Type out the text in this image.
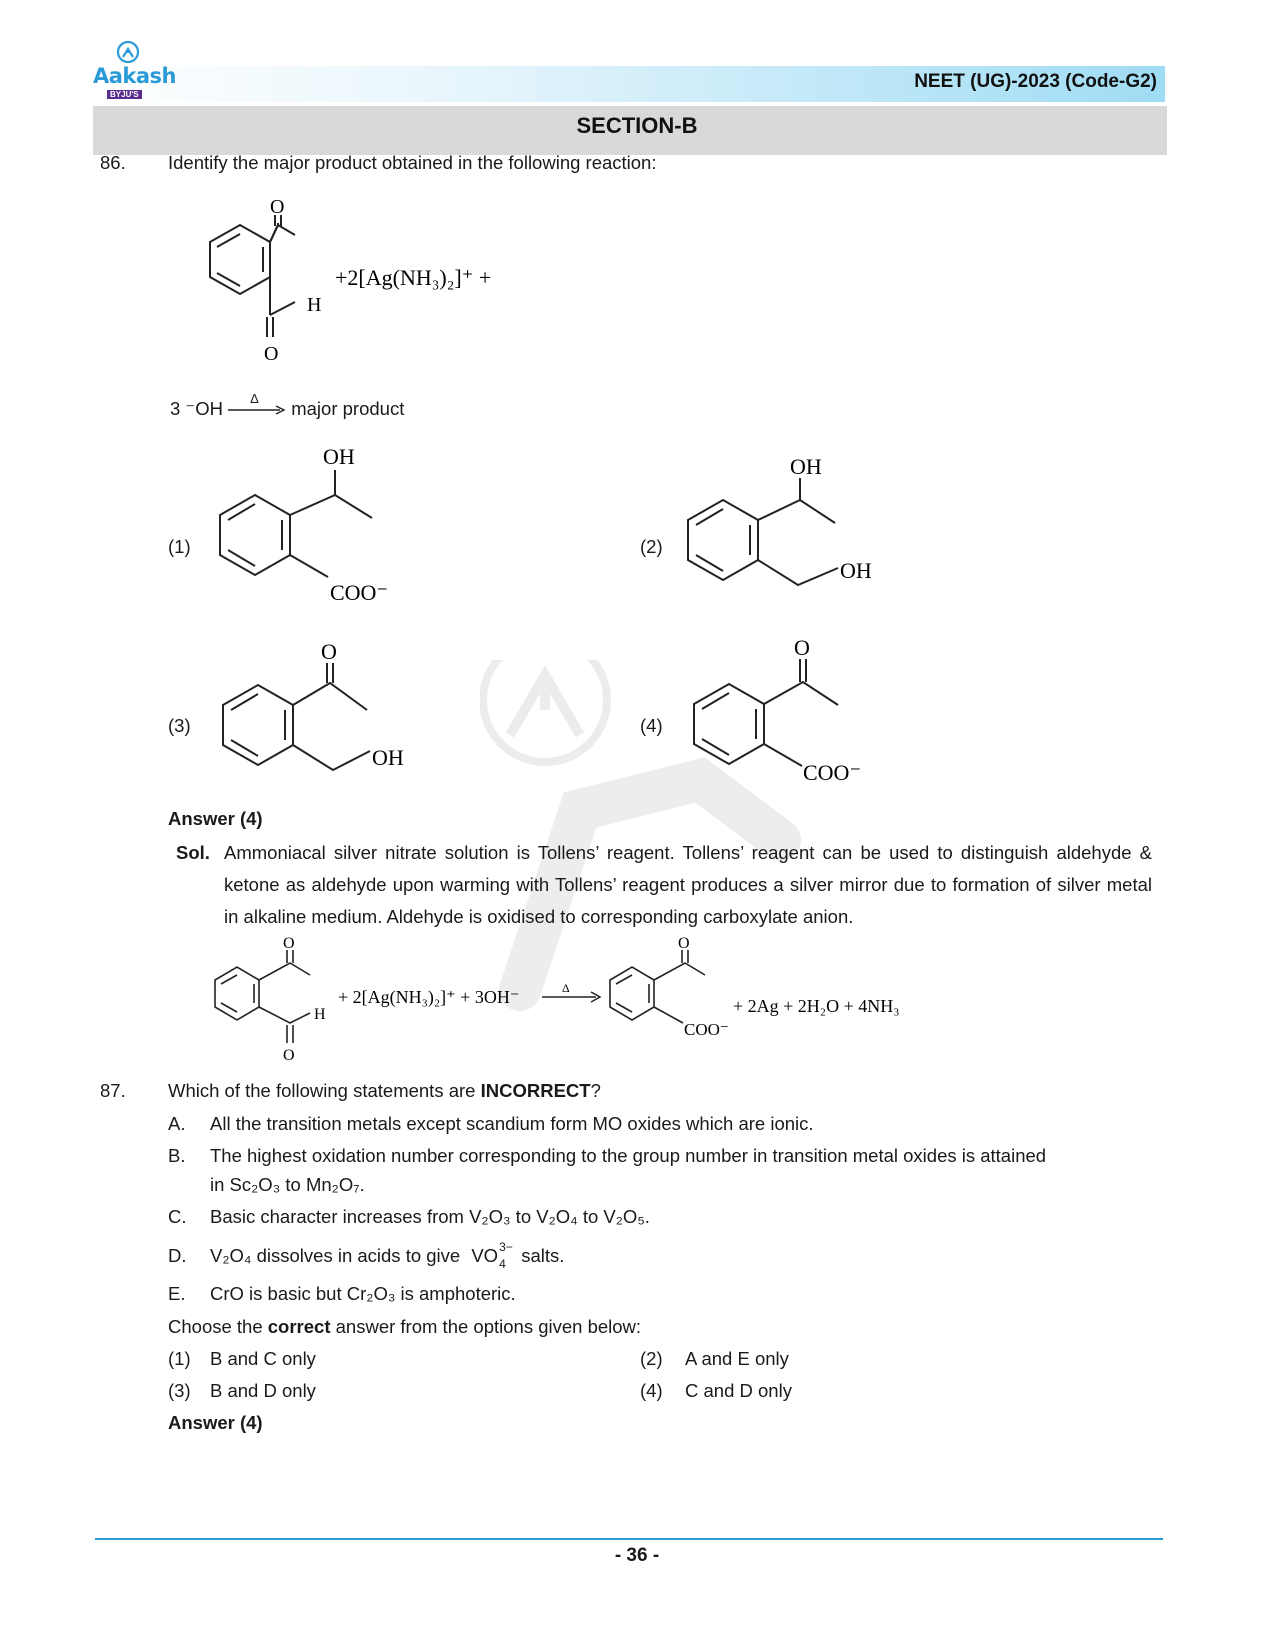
Aakash
BYJU'S
NEET (UG)-2023 (Code-G2)
SECTION-B
86. Identify the major product obtained in the following reaction:
O
H
O
+2[Ag(NH₃)₂]⁺ +
3 ⁻OH Δ major product
(1)
OH
COO⁻
(2)
OH
OH
(3)
O
OH
(4)
O
COO⁻
Answer (4)
Sol. Ammoniacal silver nitrate solution is Tollens’ reagent. Tollens’ reagent can be used to distinguish aldehyde & ketone as aldehyde upon warming with Tollens’ reagent produces a silver mirror due to formation of silver metal in alkaline medium. Aldehyde is oxidised to corresponding carboxylate anion.
O
H
O
+ 2[Ag(NH₃)₂]⁺ + 3OH⁻	Δ
O
COO⁻
+ 2Ag + 2H₂O + 4NH₃
87. Which of the following statements are INCORRECT?
A. All the transition metals except scandium form MO oxides which are ionic.
B. The highest oxidation number corresponding to the group number in transition metal oxides is attained
in Sc₂O₃ to Mn₂O₇.
C. Basic character increases from V₂O₃ to V₂O₄ to V₂O₅.
D. V₂O₄ dissolves in acids to give VO 3−
4 salts.
E. CrO is basic but Cr₂O₃ is amphoteric.
Choose the correct answer from the options given below:
(1) B and C only	(2) A and E only
(3) B and D only	(4) C and D only
Answer (4)
- 36 -
